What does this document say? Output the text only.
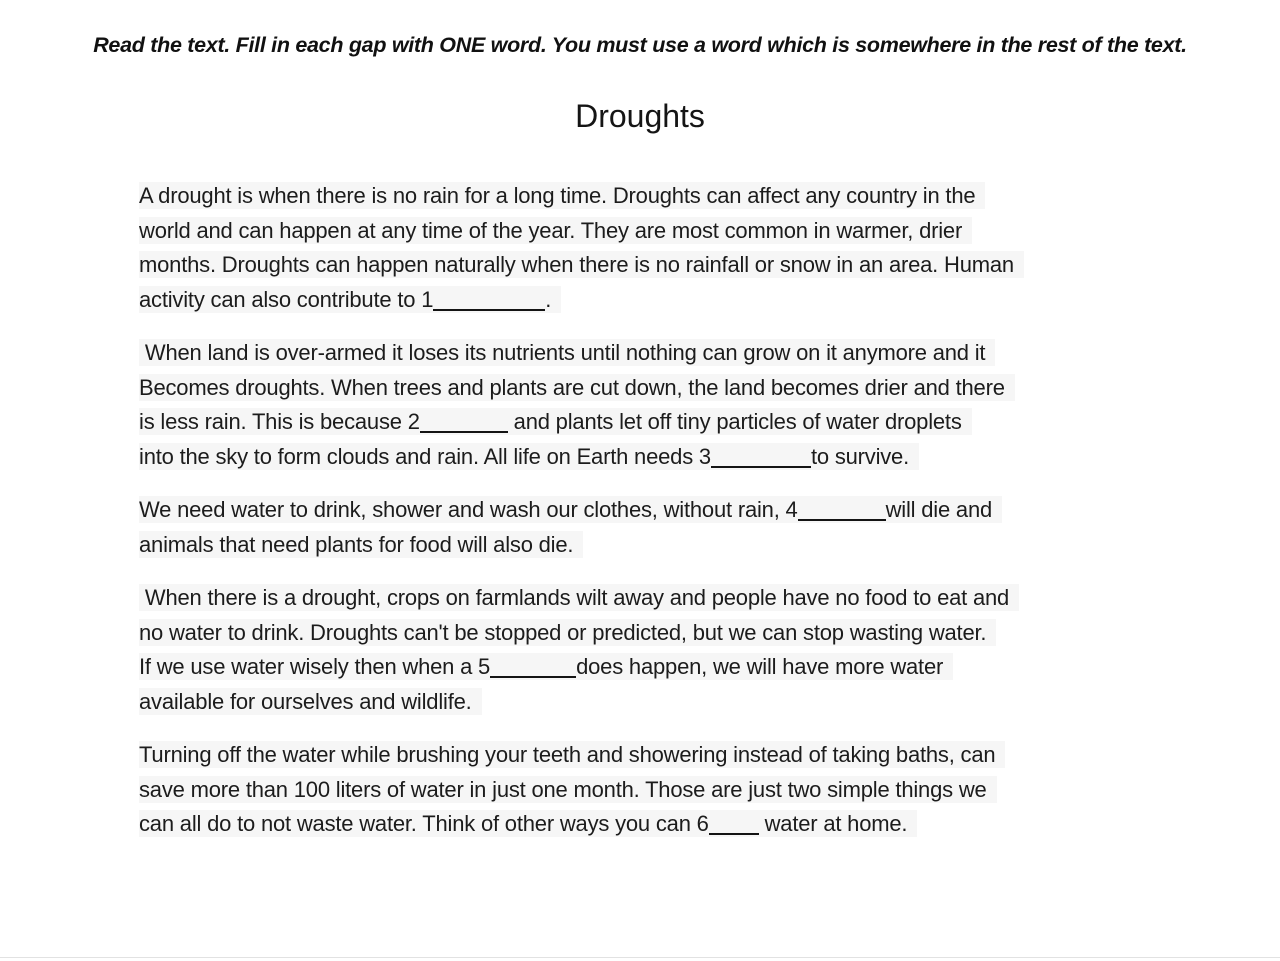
Read the text. Fill in each gap with ONE word. You must use a word which is somewhere in the rest of the text.
Droughts
A drought is when there is no rain for a long time. Droughts can affect any country in the
world and can happen at any time of the year. They are most common in warmer, drier
months. Droughts can happen naturally when there is no rainfall or snow in an area. Human
activity can also contribute to 1	.
When land is over-armed it loses its nutrients until nothing can grow on it anymore and it
Becomes droughts. When trees and plants are cut down, the land becomes drier and there
is less rain. This is because 2	and plants let off tiny particles of water droplets
into the sky to form clouds and rain. All life on Earth needs 3	to survive.
We need water to drink, shower and wash our clothes, without rain, 4	will die and
animals that need plants for food will also die.
When there is a drought, crops on farmlands wilt away and people have no food to eat and
no water to drink. Droughts can't be stopped or predicted, but we can stop wasting water.
If we use water wisely then when a 5	does happen, we will have more water
available for ourselves and wildlife.
Turning off the water while brushing your teeth and showering instead of taking baths, can
save more than 100 liters of water in just one month. Those are just two simple things we
can all do to not waste water. Think of other ways you can 6 water at home.
